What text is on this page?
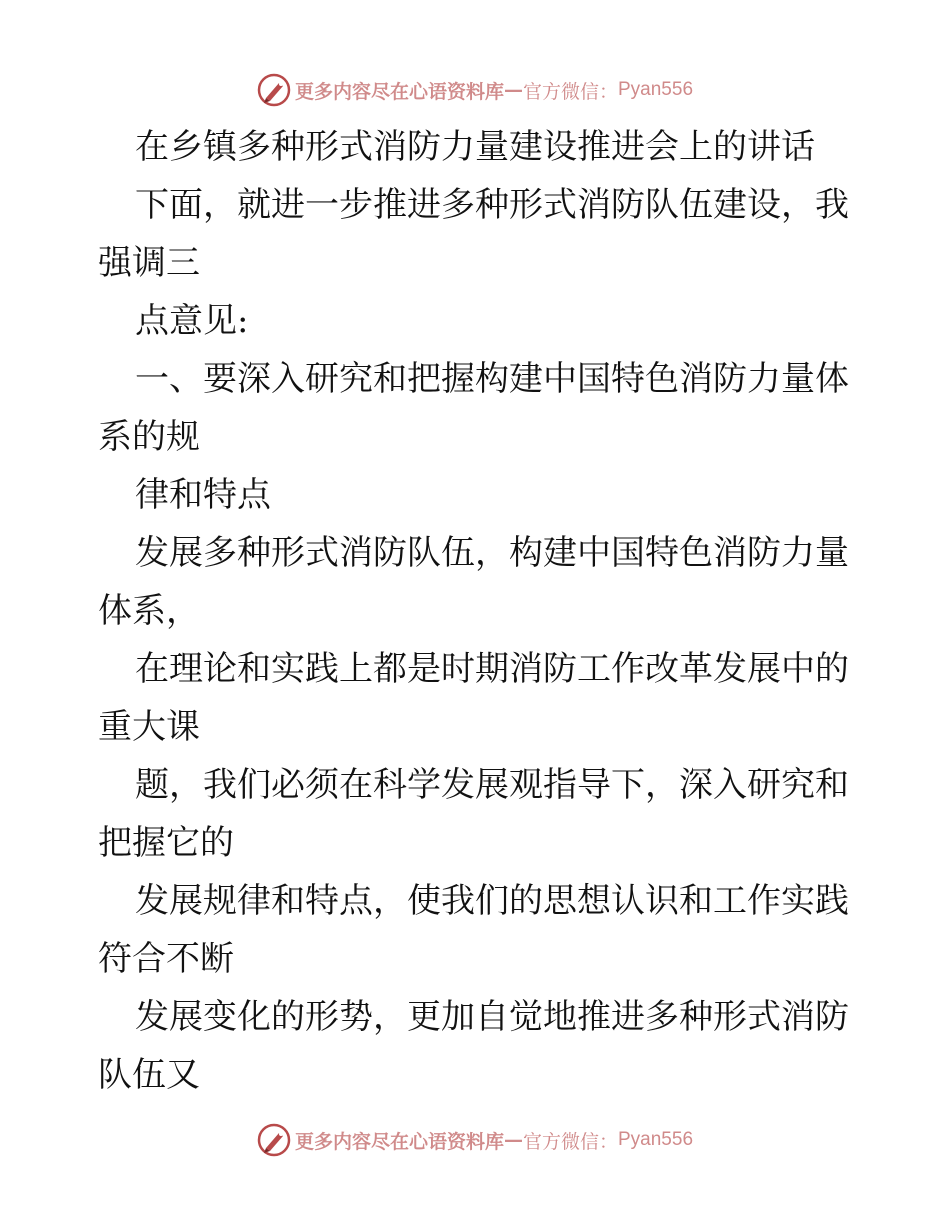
更多内容尽在心语资料库 — 官方微信： Pyan556
在乡镇多种形式消防力量建设推进会上的讲话
下面，就进一步推进多种形式消防队伍建设，我
强调三
点意见:
一、要深入研究和把握构建中国特色消防力量体
系的规
律和特点
发展多种形式消防队伍，构建中国特色消防力量
体系，
在理论和实践上都是时期消防工作改革发展中的
重大课
题，我们必须在科学发展观指导下，深入研究和
把握它的
发展规律和特点，使我们的思想认识和工作实践
符合不断
发展变化的形势，更加自觉地推进多种形式消防
队伍又
更多内容尽在心语资料库 — 官方微信： Pyan556
